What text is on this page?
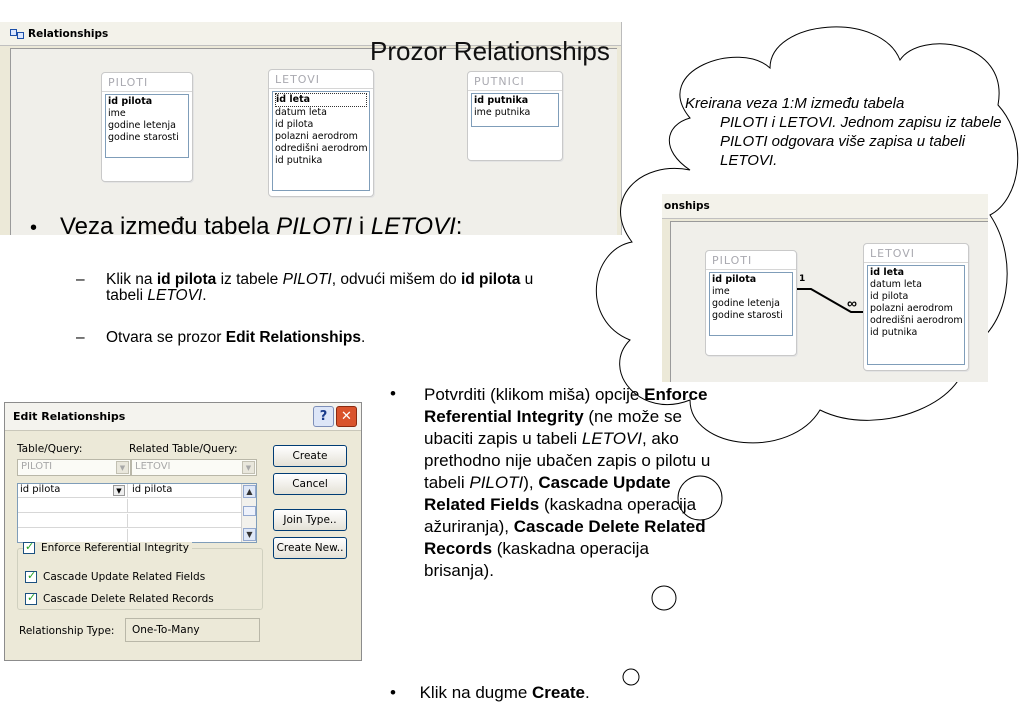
Relationships
PILOTI
id pilota
ime
godine letenja
godine starosti
LETOVI
id leta
datum leta
id pilota
polazni aerodrom
odredišni aerodrom
id putnika
PUTNICI
id putnika
ime putnika
Prozor Relationships
• Veza između tabela PILOTI i LETOVI:
– Klik na id pilota iz tabele PILOTI, odvući mišem do id pilota u
tabeli LETOVI.
– Otvara se prozor Edit Relationships.
Kreirana veza 1:M između tabela
PILOTI i LETOVI. Jednom zapisu iz tabele PILOTI odgovara više zapisa u tabeli LETOVI.
onships
PILOTI
id pilota
ime
godine letenja
godine starosti
LETOVI
id leta
datum leta
id pilota
polazni aerodrom
odredišni aerodrom
id putnika
1
∞
Edit Relationships	? ✕
Table/Query:	Related Table/Query:
PILOTI	▼ LETOVI	▼
id pilota	▼	id pilota	▲
▼
Create
Cancel
Join Type..
Create New..
✓
Enforce Referential Integrity
✓
Cascade Update Related Fields
✓
Cascade Delete Related Records
Relationship Type:	One-To-Many
•	Potvrditi (klikom miša) opcije Enforce Referential Integrity (ne može se ubaciti zapis u tabeli LETOVI, ako prethodno nije ubačen zapis o pilotu u tabeli PILOTI), Cascade Update Related Fields (kaskadna operacija ažuriranja), Cascade Delete Related Records (kaskadna operacija brisanja).
• Klik na dugme Create.
